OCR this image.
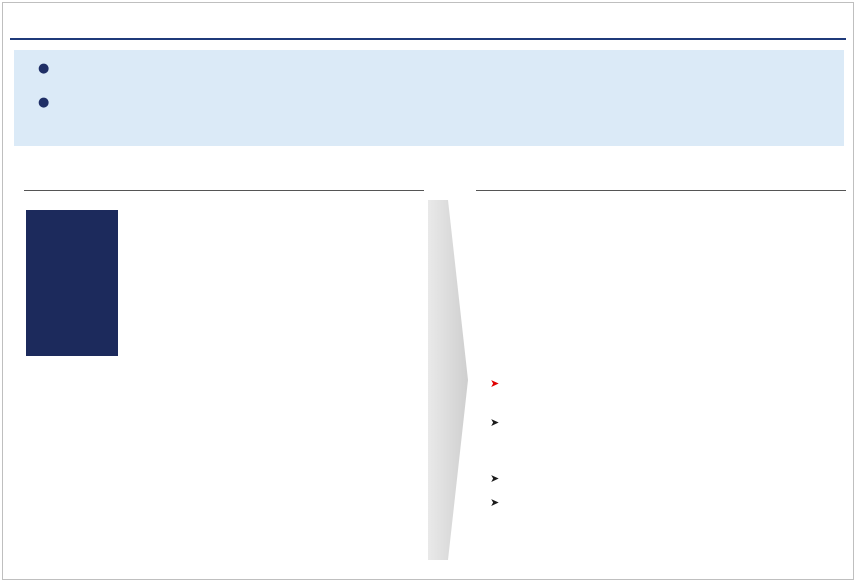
●
●
➤
➤
➤
➤
